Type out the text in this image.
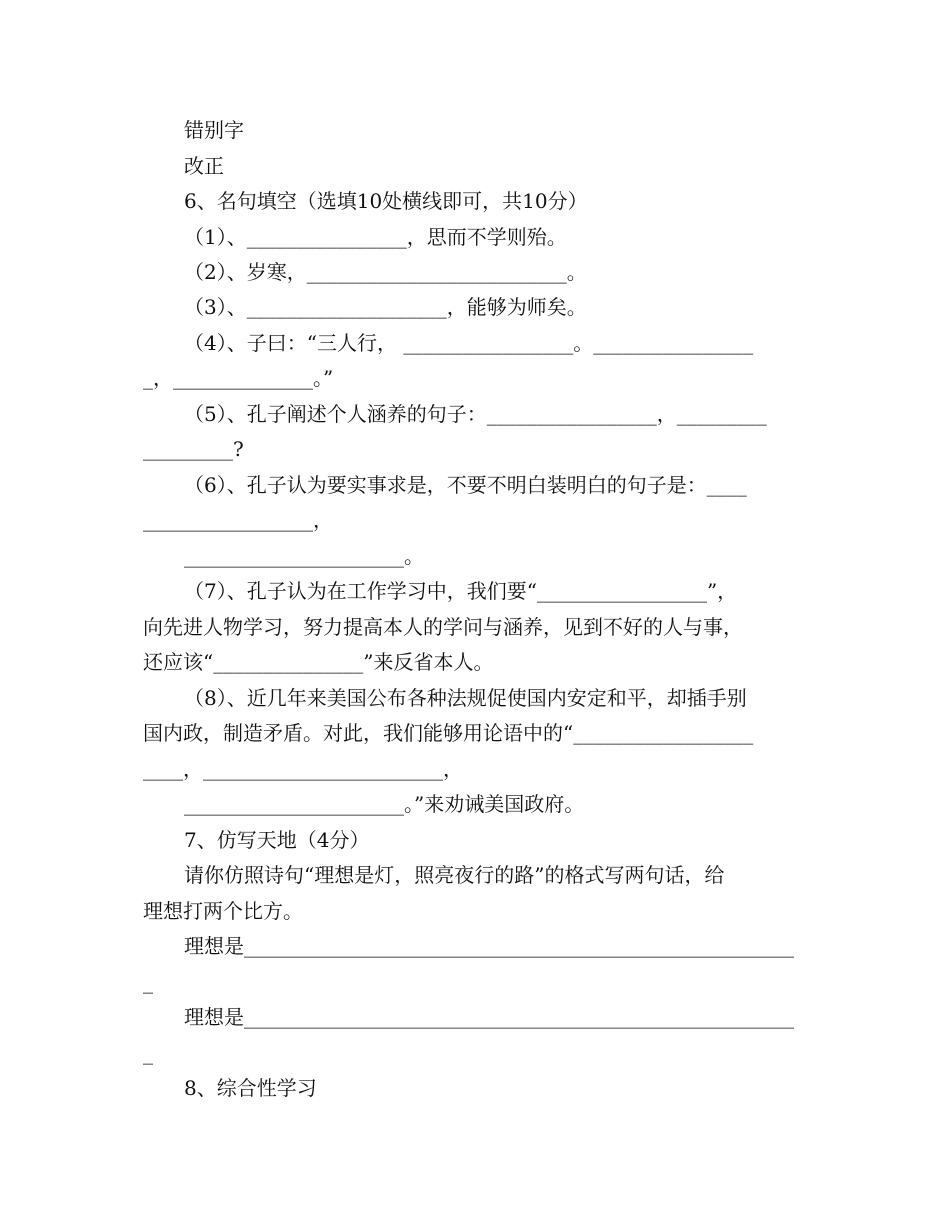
错别字
改正
6、名句填空（选填10处横线即可，共10分）
（1）、________________，思而不学则殆。
（2）、岁寒，__________________________。
（3）、____________________，能够为师矣。
（4）、子曰：“三人行， _________________。________________
_，______________。”
（5）、孔子阐述个人涵养的句子：_________________，_________
_________?
（6）、孔子认为要实事求是，不要不明白装明白的句子是：____
_________________，
______________________。
（7）、孔子认为在工作学习中，我们要“_________________”，
向先进人物学习，努力提高本人的学问与涵养，见到不好的人与事，
还应该“_______________”来反省本人。
（8）、近几年来美国公布各种法规促使国内安定和平，却插手别
国内政，制造矛盾。对此，我们能够用论语中的“__________________
____，________________________，
______________________。”来劝诫美国政府。
7、仿写天地（4分）
请你仿照诗句“理想是灯，照亮夜行的路”的格式写两句话，给
理想打两个比方。
理想是_______________________________________________________
_
理想是_______________________________________________________
_
8、综合性学习
